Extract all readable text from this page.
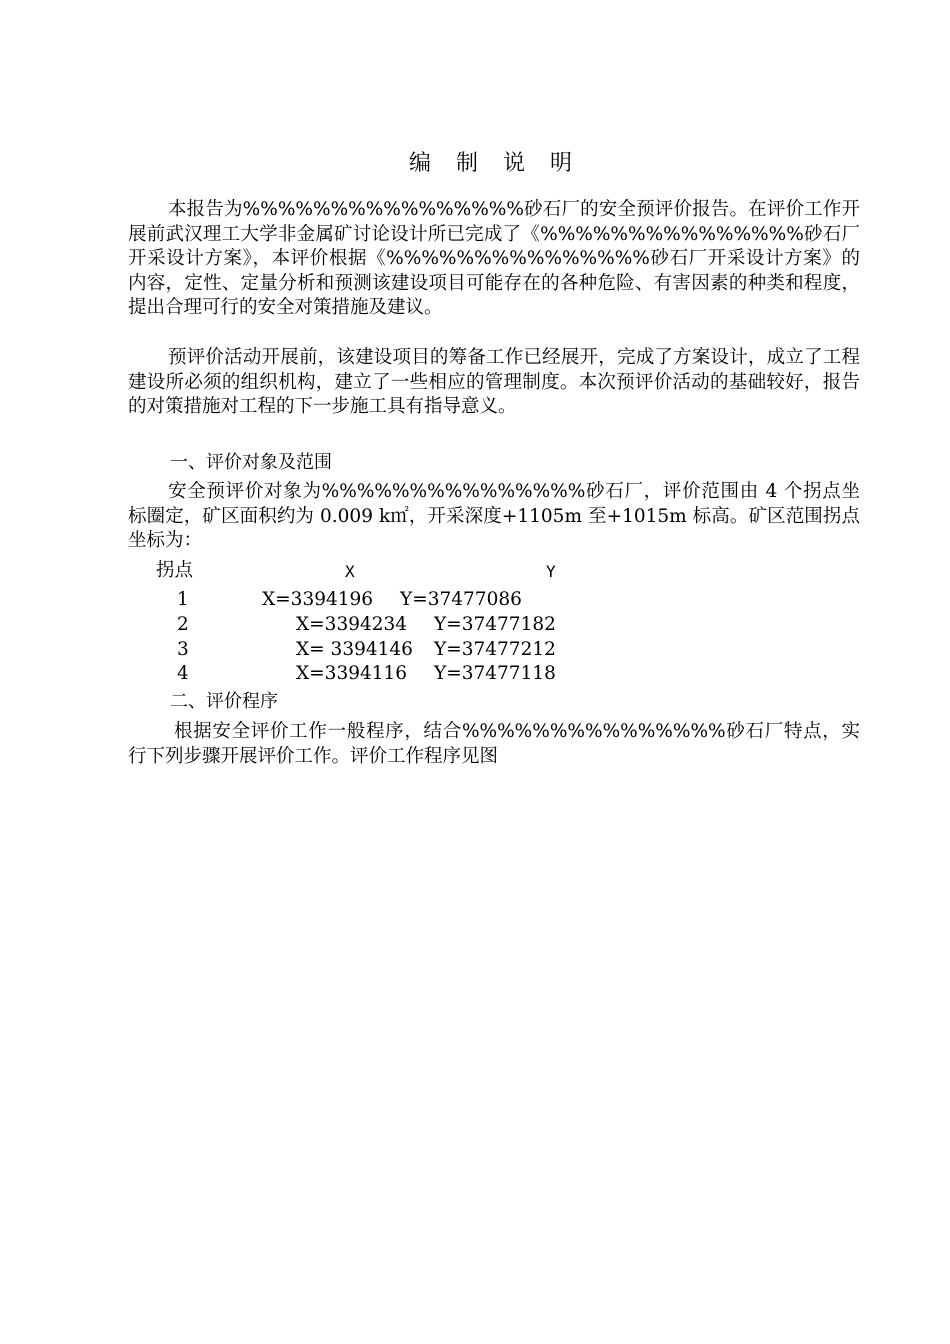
编 制 说 明

本报告为%%%%%%%%%%%%%%%%砂石厂的安全预评价报告。在评价工作开展前武汉理工大学非金属矿讨论设计所已完成了《%%%%%%%%%%%%%%%砂石厂开采设计方案》，本评价根据《%%%%%%%%%%%%%%%砂石厂开采设计方案》的内容，定性、定量分析和预测该建设项目可能存在的各种危险、有害因素的种类和程度，提出合理可行的安全对策措施及建议。

预评价活动开展前，该建设项目的筹备工作已经展开，完成了方案设计，成立了工程建设所必须的组织机构，建立了一些相应的管理制度。本次预评价活动的基础较好，报告的对策措施对工程的下一步施工具有指导意义。

一、评价对象及范围

安全预评价对象为%%%%%%%%%%%%%%%砂石厂，评价范围由 4 个拐点坐标圈定，矿区面积约为 0.009 k㎡，开采深度+1105m 至+1015m 标高。矿区范围拐点坐标为：

拐点	X	Y
1	X=3394196 Y=37477086
2	X=3394234 Y=37477182
3	X= 3394146 Y=37477212
4	X=3394116 Y=37477118
二、评价程序

根据安全评价工作一般程序，结合%%%%%%%%%%%%%%%砂石厂特点，实行下列步骤开展评价工作。评价工作程序见图
